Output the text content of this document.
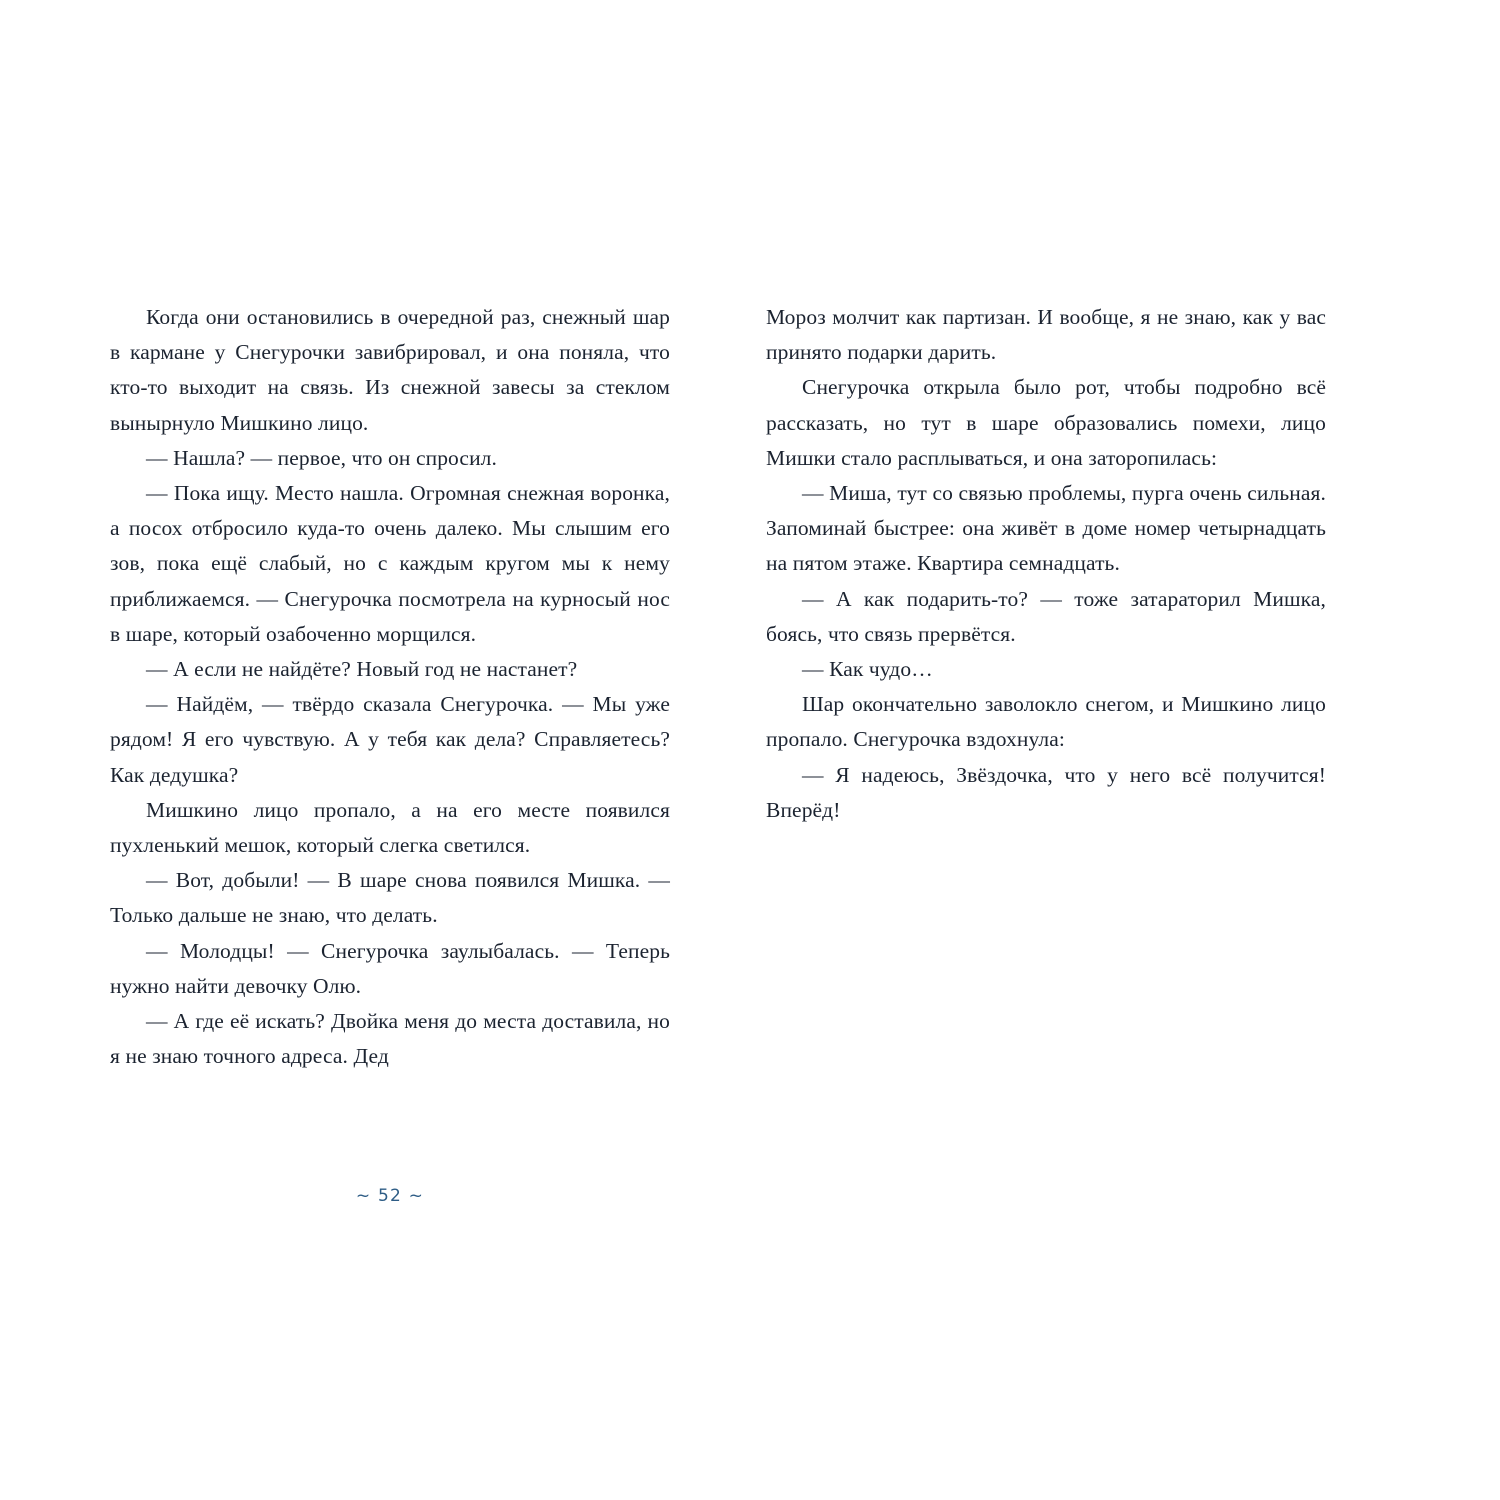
Когда они остановились в очередной раз, снежный шар в кармане у Снегурочки завибрировал, и она поняла, что кто-то выходит на связь. Из снежной завесы за стеклом вынырнуло Мишкино лицо.

— Нашла? — первое, что он спросил.

— Пока ищу. Место нашла. Огромная снежная воронка, а посох отбросило куда-то очень далеко. Мы слышим его зов, пока ещё слабый, но с каждым кругом мы к нему приближаемся. — Снегурочка посмотрела на курносый нос в шаре, который озабоченно морщился.

— А если не найдёте? Новый год не настанет?

— Найдём, — твёрдо сказала Снегурочка. — Мы уже рядом! Я его чувствую. А у тебя как дела? Справляетесь? Как дедушка?

Мишкино лицо пропало, а на его месте появился пухленький мешок, который слегка светился.

— Вот, добыли! — В шаре снова появился Мишка. — Только дальше не знаю, что делать.

— Молодцы! — Снегурочка заулыбалась. — Теперь нужно найти девочку Олю.

— А где её искать? Двойка меня до места доставила, но я не знаю точного адреса. Дед

Мороз молчит как партизан. И вообще, я не знаю, как у вас принято подарки дарить.

Снегурочка открыла было рот, чтобы подробно всё рассказать, но тут в шаре образовались помехи, лицо Мишки стало расплываться, и она заторопилась:

— Миша, тут со связью проблемы, пурга очень сильная. Запоминай быстрее: она живёт в доме номер четырнадцать на пятом этаже. Квартира семнадцать.

— А как подарить-то? — тоже затараторил Мишка, боясь, что связь прервётся.

— Как чудо…

Шар окончательно заволокло снегом, и Мишкино лицо пропало. Снегурочка вздохнула:

— Я надеюсь, Звёздочка, что у него всё получится! Вперёд!

~ 52 ~
